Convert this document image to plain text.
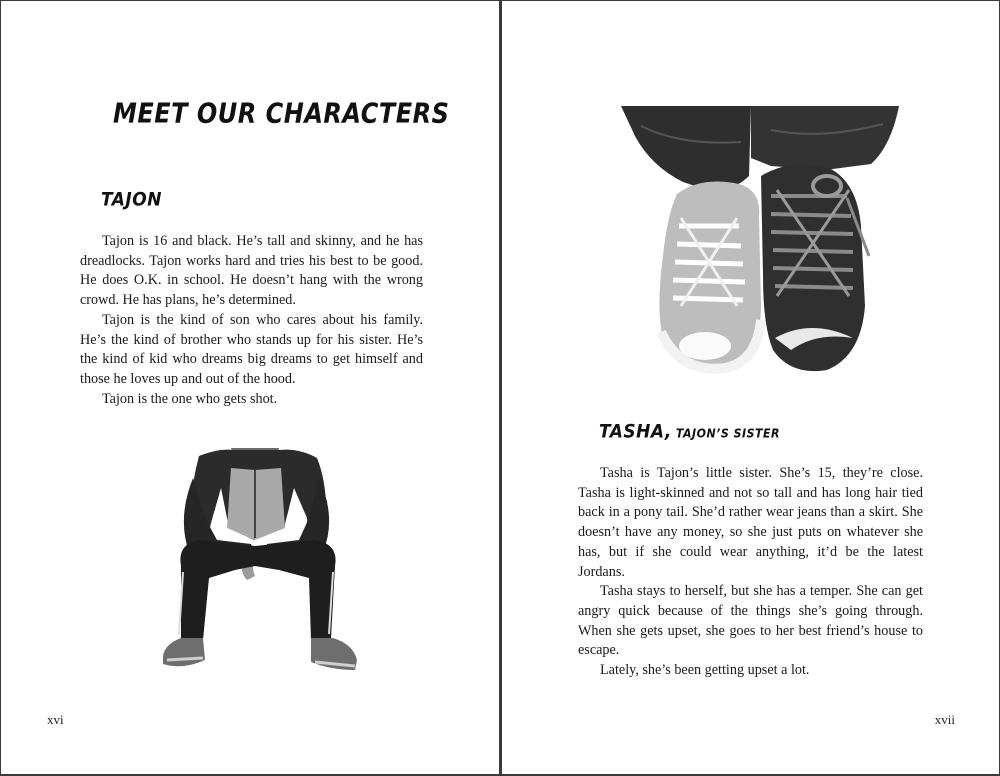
MEET OUR CHARACTERS
TAJON

Tajon is 16 and black. He’s tall and skinny, and he has dreadlocks. Tajon works hard and tries his best to be good. He does O.K. in school. He doesn’t hang with the wrong crowd. He has plans, he’s determined.

Tajon is the kind of son who cares about his family. He’s the kind of brother who stands up for his sister. He’s the kind of kid who dreams big dreams to get himself and those he loves up and out of the hood.

Tajon is the one who gets shot.

xvi
TASHA, TAJON’S SISTER

Tasha is Tajon’s little sister. She’s 15, they’re close. Tasha is light-skinned and not so tall and has long hair tied back in a pony tail. She’d rather wear jeans than a skirt. She doesn’t have any money, so she just puts on whatever she has, but if she could wear anything, it’d be the latest Jordans.

Tasha stays to herself, but she has a temper. She can get angry quick because of the things she’s going through. When she gets upset, she goes to her best friend’s house to escape.

Lately, she’s been getting upset a lot.

xvii
